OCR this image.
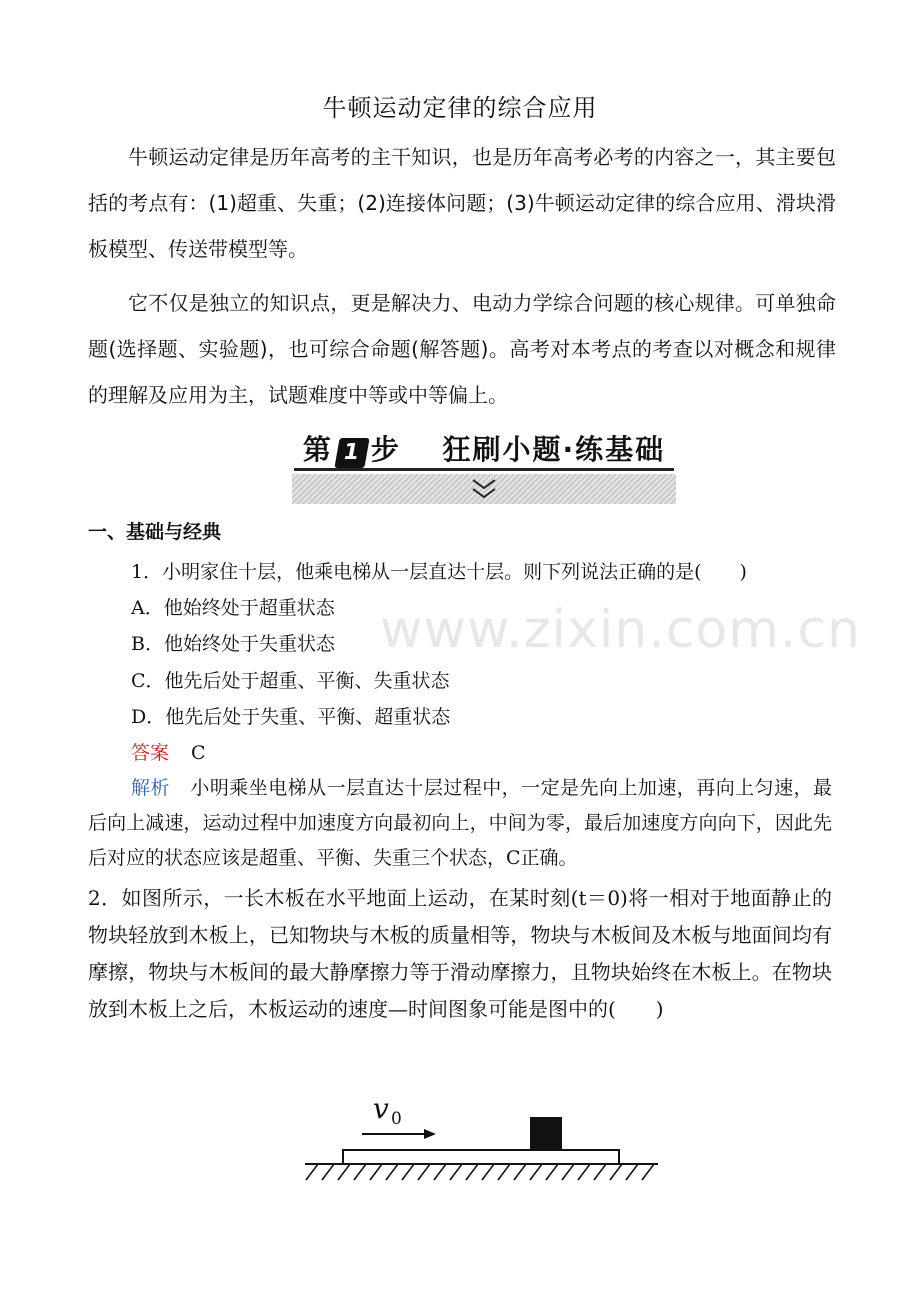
牛顿运动定律的综合应用

牛顿运动定律是历年高考的主干知识，也是历年高考必考的内容之一，其主要包括的考点有：(1)超重、失重；(2)连接体问题；(3)牛顿运动定律的综合应用、滑块滑板模型、传送带模型等。

它不仅是独立的知识点，更是解决力、电动力学综合问题的核心规律。可单独命题(选择题、实验题)，也可综合命题(解答题)。高考对本考点的考查以对概念和规律的理解及应用为主，试题难度中等或中等偏上。

第 1 步 狂刷小题·练基础
一、基础与经典
1．小明家住十层，他乘电梯从一层直达十层。则下列说法正确的是(　　)
A．他始终处于超重状态
B．他始终处于失重状态
C．他先后处于超重、平衡、失重状态
D．他先后处于失重、平衡、超重状态
答案 C

解析 小明乘坐电梯从一层直达十层过程中，一定是先向上加速，再向上匀速，最后向上减速，运动过程中加速度方向最初向上，中间为零，最后加速度方向向下，因此先后对应的状态应该是超重、平衡、失重三个状态，C正确。

2．如图所示，一长木板在水平地面上运动，在某时刻(t＝0)将一相对于地面静止的物块轻放到木板上，已知物块与木板的质量相等，物块与木板间及木板与地面间均有摩擦，物块与木板间的最大静摩擦力等于滑动摩擦力，且物块始终在木板上。在物块放到木板上之后，木板运动的速度—时间图象可能是图中的(　　)

www.zixin.com.cn
v 0
